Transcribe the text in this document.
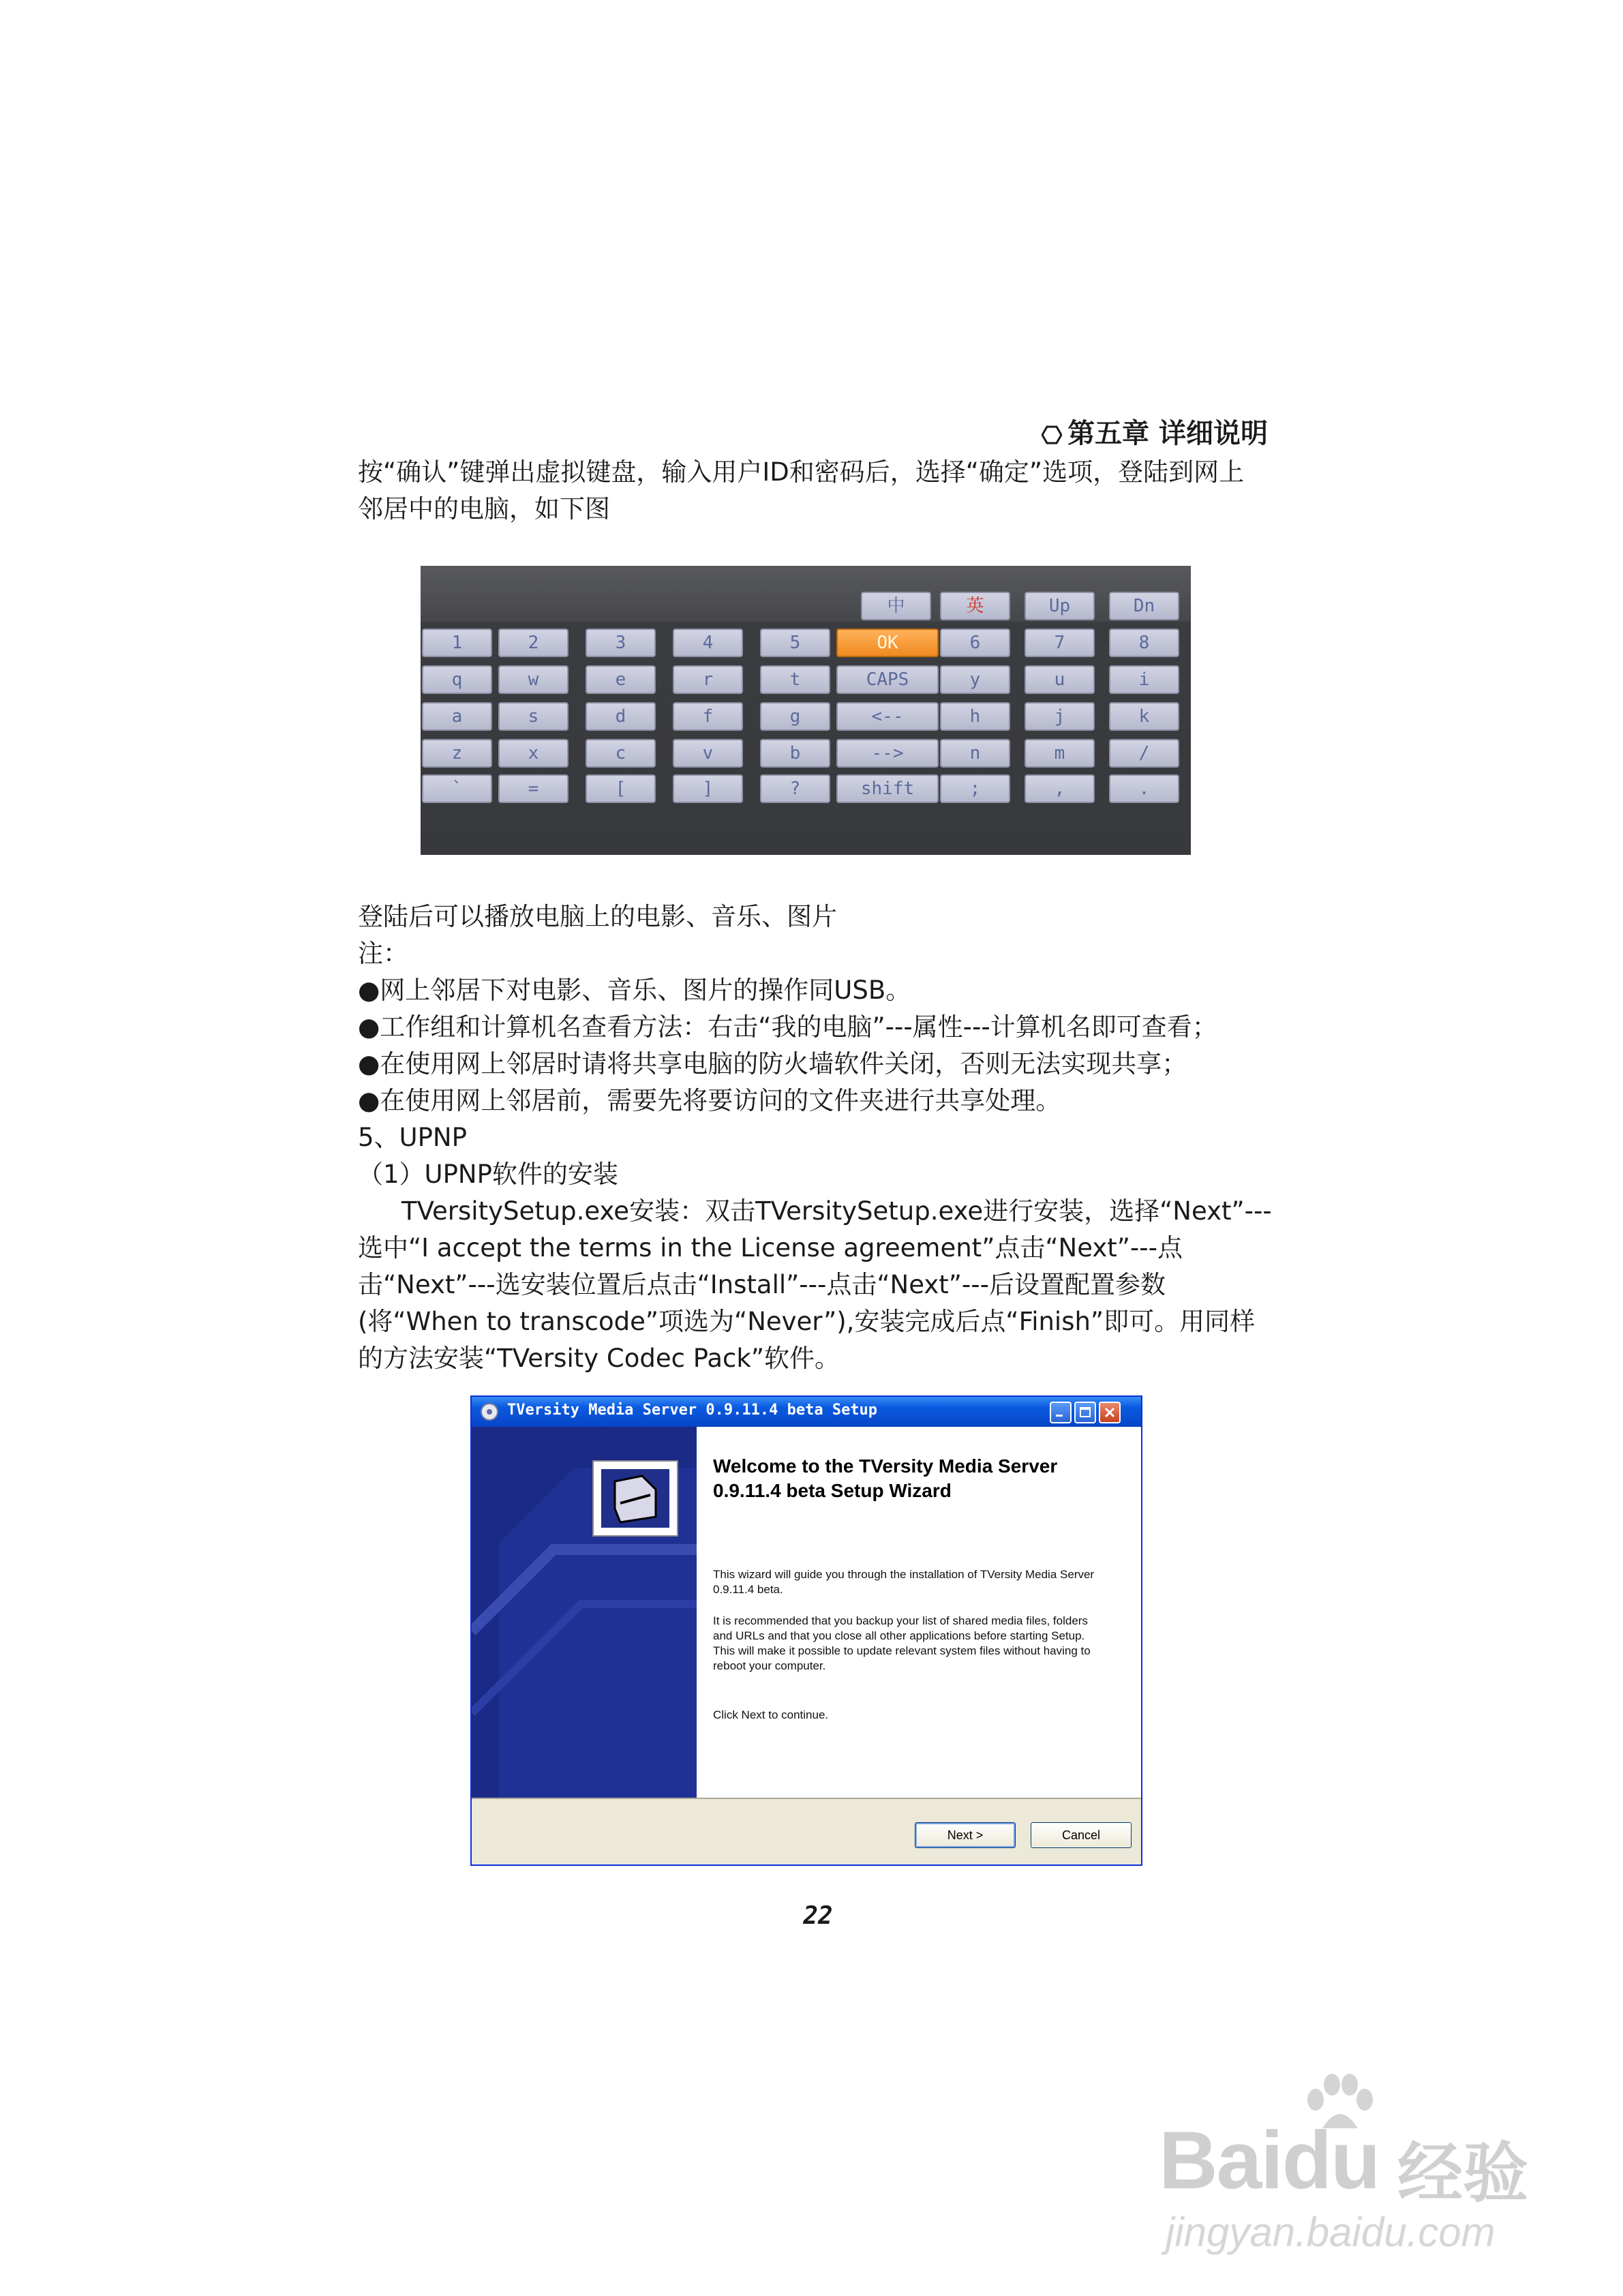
第五章 详细说明
按“确认”键弹出虚拟键盘，输入用户ID和密码后，选择“确定”选项，登陆到网上
邻居中的电脑，如下图
中	英	Up	Dn
1	2	3	4	5	OK	6	7	8
q	w	e	r	t	CAPS	y	u	i
a	s	d	f	g	<--	h	j	k
z	x	c	v	b	-->	n	m	/
`	=	[	]	?	shift	;	,	.
登陆后可以播放电脑上的电影、音乐、图片
注：
●网上邻居下对电影、音乐、图片的操作同USB。
●工作组和计算机名查看方法：右击“我的电脑”---属性---计算机名即可查看；
●在使用网上邻居时请将共享电脑的防火墙软件关闭，否则无法实现共享；
●在使用网上邻居前，需要先将要访问的文件夹进行共享处理。
5、UPNP
（1）UPNP软件的安装
TVersitySetup.exe安装：双击TVersitySetup.exe进行安装，选择“Next”---选中“I accept the terms in the License agreement”点击“Next”---点击“Next”---选安装位置后点击“Install”---点击“Next”---后设置配置参数(将“When to transcode”项选为“Never”),安装完成后点“Finish”即可。用同样的方法安装“TVersity Codec Pack”软件。
TVersity Media Server 0.9.11.4 beta Setup
Welcome to the TVersity Media Server 0.9.11.4 beta Setup Wizard
This wizard will guide you through the installation of TVersity Media Server 0.9.11.4 beta.
It is recommended that you backup your list of shared media files, folders and URLs and that you close all other applications before starting Setup. This will make it possible to update relevant system files without having to reboot your computer.
Click Next to continue.
Next >	Cancel
22
Baidu 经验
jingyan.baidu.com
